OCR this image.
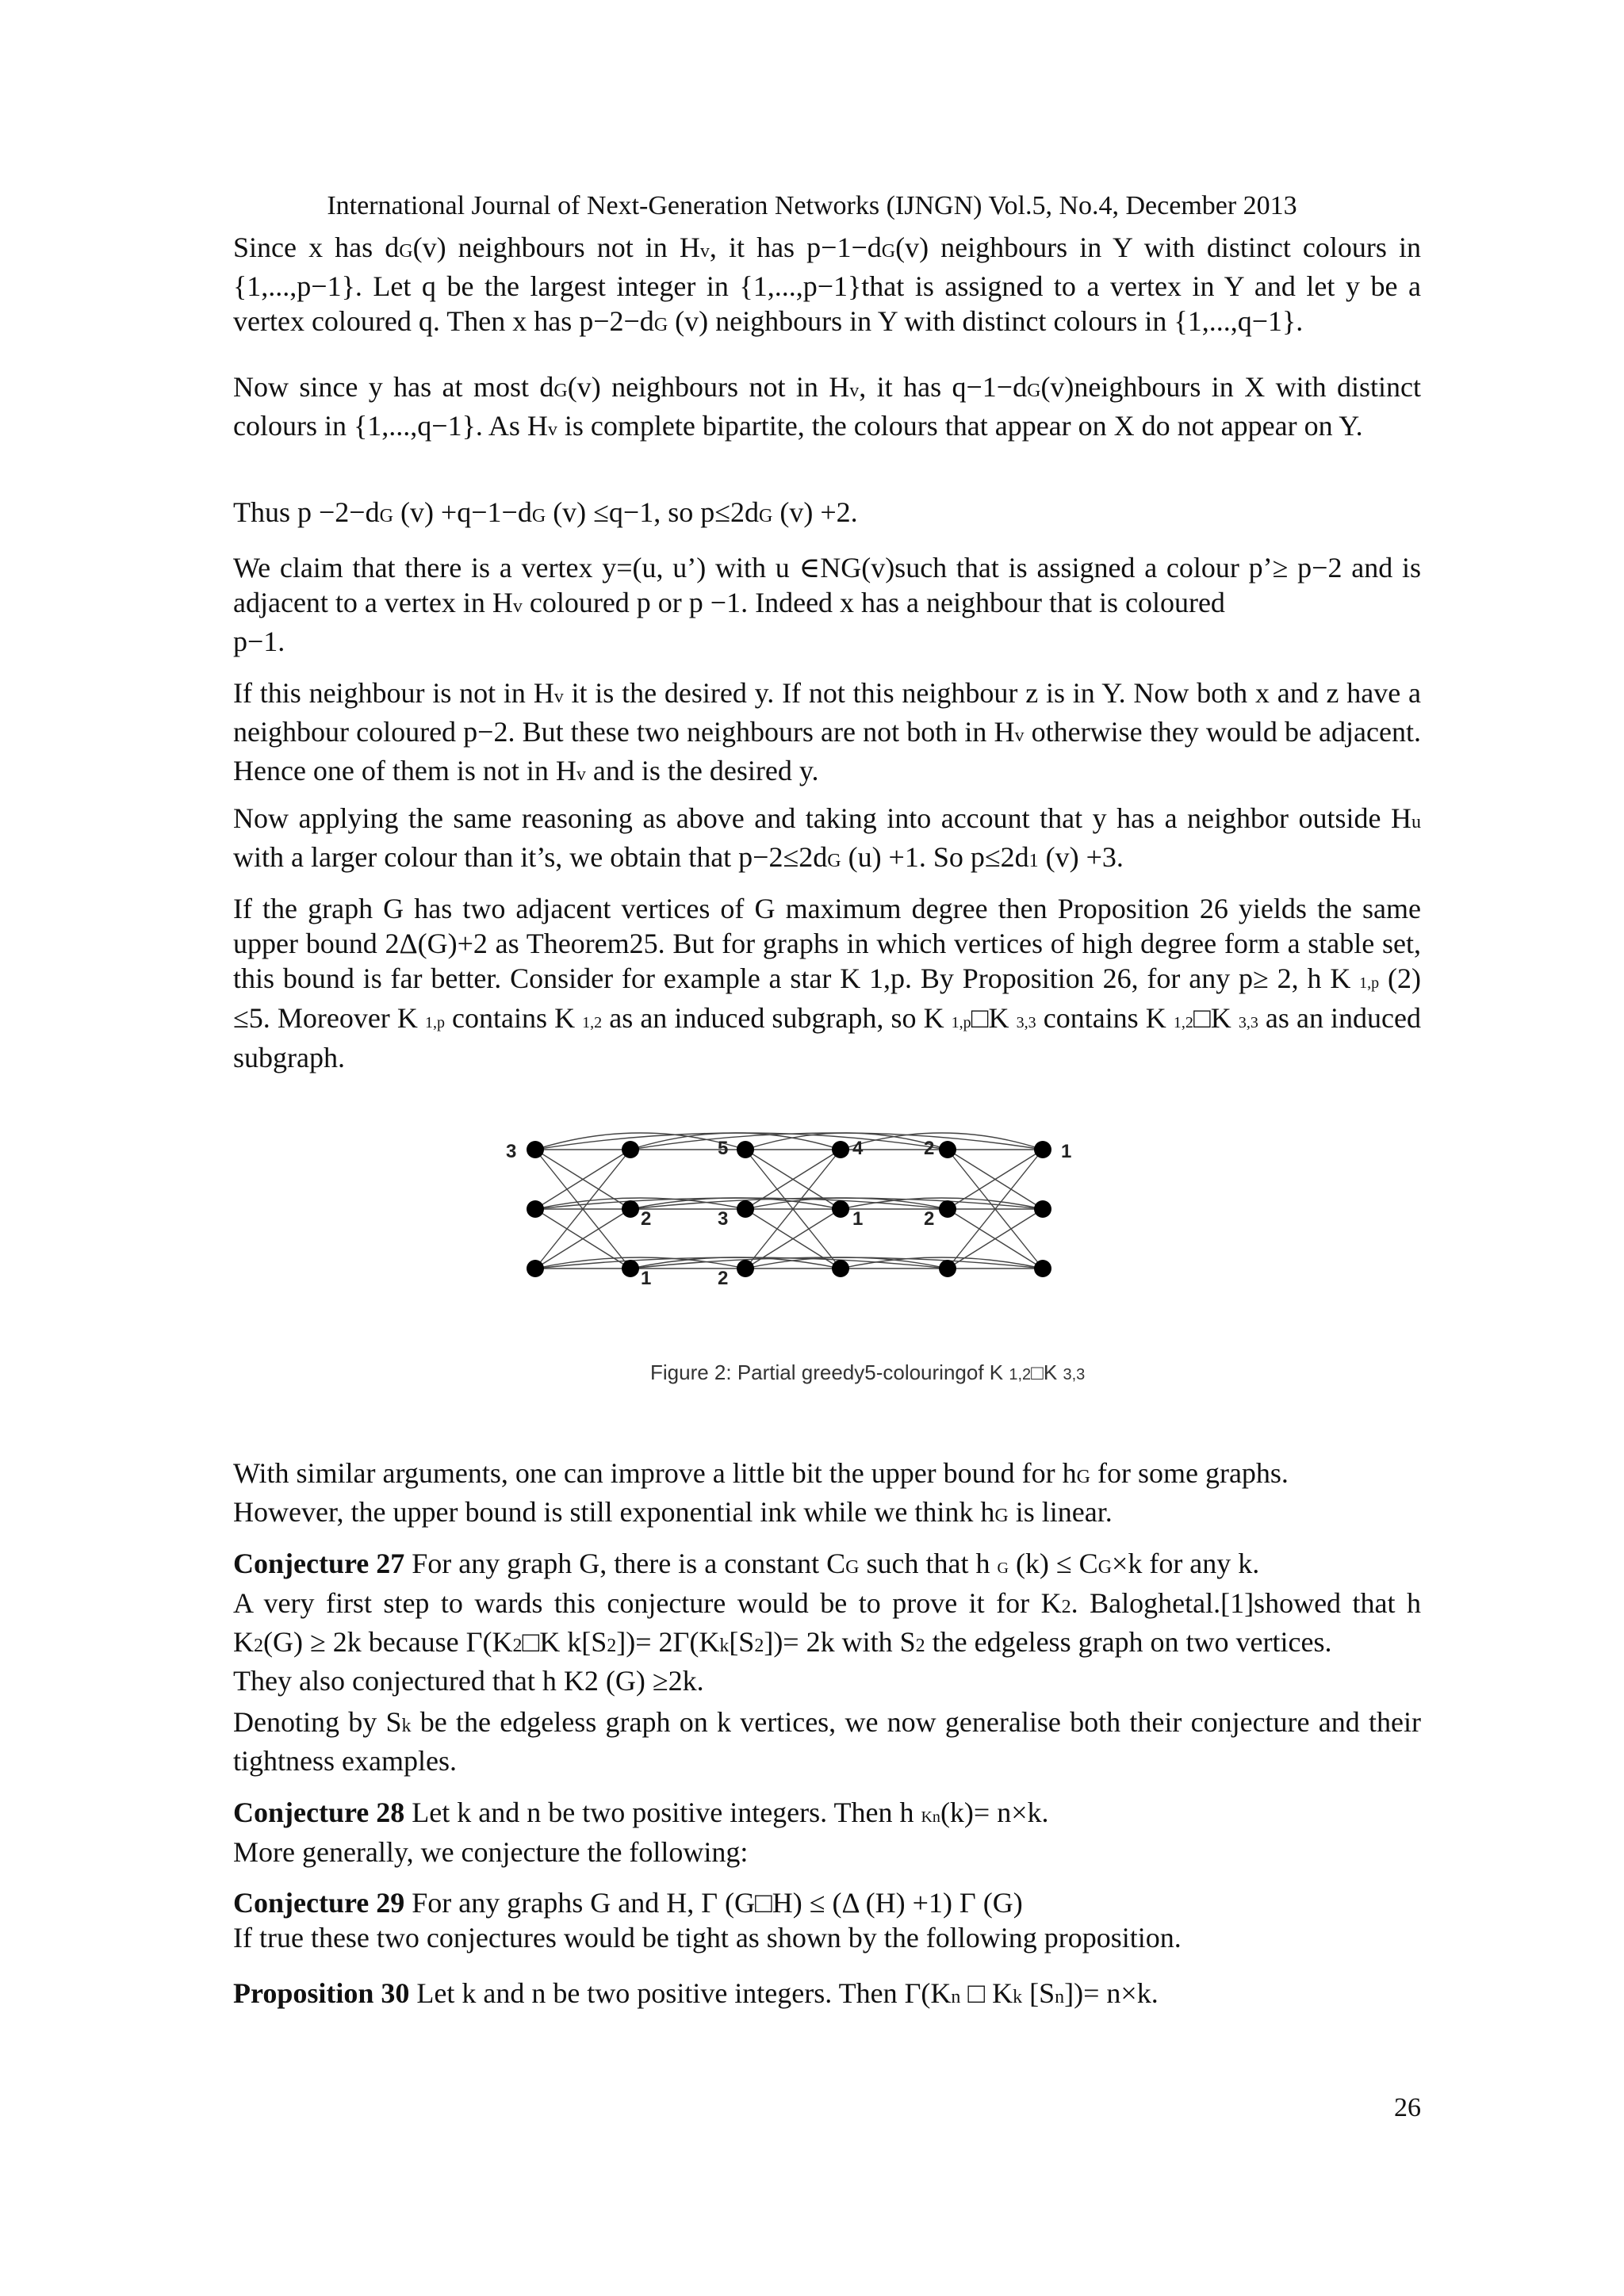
International Journal of Next-Generation Networks (IJNGN) Vol.5, No.4, December 2013

Since x has dG(v) neighbours not in Hv, it has p−1−dG(v) neighbours in Y with distinct colours in {1,...,p−1}. Let q be the largest integer in {1,...,p−1}that is assigned to a vertex in Y and let y be a vertex coloured q. Then x has p−2−dG (v) neighbours in Y with distinct colours in {1,...,q−1}.

Now since y has at most dG(v) neighbours not in Hv, it has q−1−dG(v)neighbours in X with distinct colours in {1,...,q−1}. As Hv is complete bipartite, the colours that appear on X do not appear on Y.

Thus p −2−dG (v) +q−1−dG (v) ≤q−1, so p≤2dG (v) +2.

We claim that there is a vertex y=(u, u’) with u ∈NG(v)such that is assigned a colour p’≥ p−2 and is adjacent to a vertex in Hv coloured p or p −1. Indeed x has a neighbour that is coloured

p−1.

If this neighbour is not in Hv it is the desired y. If not this neighbour z is in Y. Now both x and z have a neighbour coloured p−2. But these two neighbours are not both in Hv otherwise they would be adjacent. Hence one of them is not in Hv and is the desired y.

Now applying the same reasoning as above and taking into account that y has a neighbor outside Hu with a larger colour than it’s, we obtain that p−2≤2dG (u) +1. So p≤2d1 (v) +3.

If the graph G has two adjacent vertices of G maximum degree then Proposition 26 yields the same upper bound 2Δ(G)+2 as Theorem25. But for graphs in which vertices of high degree form a stable set, this bound is far better. Consider for example a star K 1,p. By Proposition 26, for any p≥ 2, h K 1,p (2) ≤5. Moreover K 1,p contains K 1,2 as an induced subgraph, so K 1,p□K 3,3 contains K 1,2□K 3,3 as an induced subgraph.

3	5	4	2	1
2	3	1	2
1	2
Figure 2: Partial greedy5-colouringof K 1,2□K 3,3

With similar arguments, one can improve a little bit the upper bound for hG for some graphs.

However, the upper bound is still exponential ink while we think hG is linear.

Conjecture 27 For any graph G, there is a constant CG such that h G (k) ≤ CG×k for any k.

A very first step to wards this conjecture would be to prove it for K2. Baloghetal.[1]showed that h K2(G) ≥ 2k because Γ(K2□K k[S2])= 2Γ(Kk[S2])= 2k with S2 the edgeless graph on two vertices.

They also conjectured that h K2 (G) ≥2k.

Denoting by Sk be the edgeless graph on k vertices, we now generalise both their conjecture and their tightness examples.

Conjecture 28 Let k and n be two positive integers. Then h Kn(k)= n×k.

More generally, we conjecture the following:

Conjecture 29 For any graphs G and H, Γ (G□H) ≤ (Δ (H) +1) Γ (G)

If true these two conjectures would be tight as shown by the following proposition.

Proposition 30 Let k and n be two positive integers. Then Γ(Kn □ Kk [Sn])= n×k.

26
